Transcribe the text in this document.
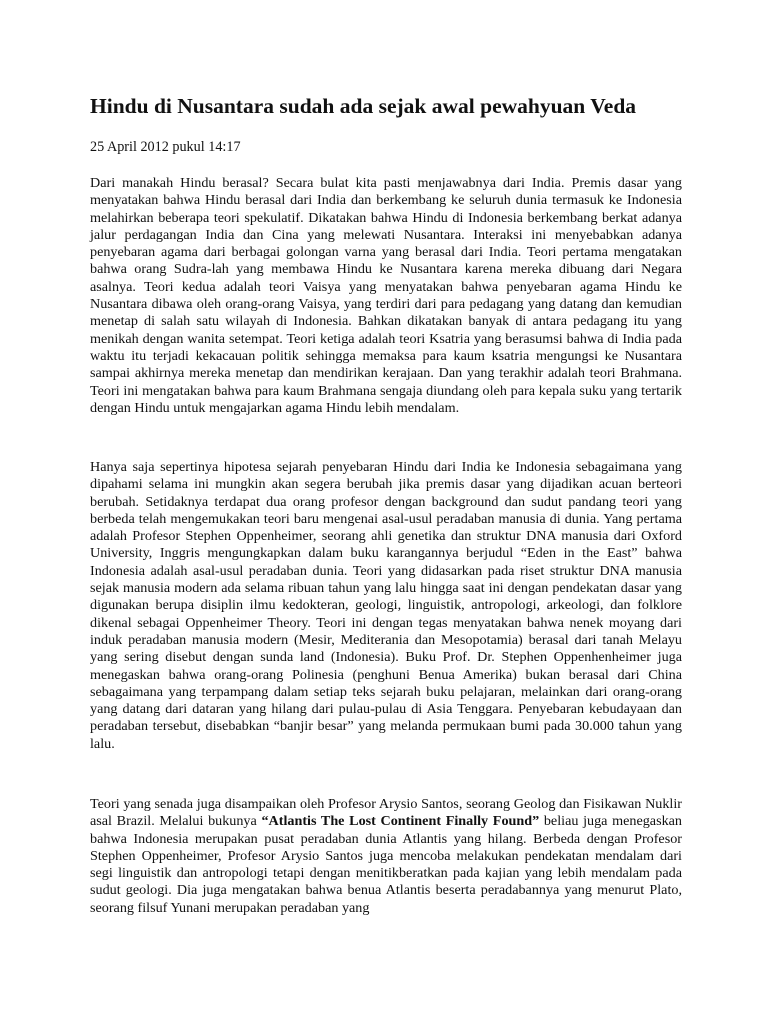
Hindu di Nusantara sudah ada sejak awal pewahyuan Veda

25 April 2012 pukul 14:17

Dari manakah Hindu berasal? Secara bulat kita pasti menjawabnya dari India. Premis dasar yang menyatakan bahwa Hindu berasal dari India dan berkembang ke seluruh dunia termasuk ke Indonesia melahirkan beberapa teori spekulatif. Dikatakan bahwa Hindu di Indonesia berkembang berkat adanya jalur perdagangan India dan Cina yang melewati Nusantara. Interaksi ini menyebabkan adanya penyebaran agama dari berbagai golongan varna yang berasal dari India. Teori pertama mengatakan bahwa orang Sudra-lah yang membawa Hindu ke Nusantara karena mereka dibuang dari Negara asalnya. Teori kedua adalah teori Vaisya yang menyatakan bahwa penyebaran agama Hindu ke Nusantara dibawa oleh orang-orang Vaisya, yang terdiri dari para pedagang yang datang dan kemudian menetap di salah satu wilayah di Indonesia. Bahkan dikatakan banyak di antara pedagang itu yang menikah dengan wanita setempat. Teori ketiga adalah teori Ksatria yang berasumsi bahwa di India pada waktu itu terjadi kekacauan politik sehingga memaksa para kaum ksatria mengungsi ke Nusantara sampai akhirnya mereka menetap dan mendirikan kerajaan. Dan yang terakhir adalah teori Brahmana. Teori ini mengatakan bahwa para kaum Brahmana sengaja diundang oleh para kepala suku yang tertarik dengan Hindu untuk mengajarkan agama Hindu lebih mendalam.

Hanya saja sepertinya hipotesa sejarah penyebaran Hindu dari India ke Indonesia sebagaimana yang dipahami selama ini mungkin akan segera berubah jika premis dasar yang dijadikan acuan berteori berubah. Setidaknya terdapat dua orang profesor dengan background dan sudut pandang teori yang berbeda telah mengemukakan teori baru mengenai asal-usul peradaban manusia di dunia. Yang pertama adalah Profesor Stephen Oppenheimer, seorang ahli genetika dan struktur DNA manusia dari Oxford University, Inggris mengungkapkan dalam buku karangannya berjudul “Eden in the East” bahwa Indonesia adalah asal-usul peradaban dunia. Teori yang didasarkan pada riset struktur DNA manusia sejak manusia modern ada selama ribuan tahun yang lalu hingga saat ini dengan pendekatan dasar yang digunakan berupa disiplin ilmu kedokteran, geologi, linguistik, antropologi, arkeologi, dan folklore dikenal sebagai Oppenheimer Theory. Teori ini dengan tegas menyatakan bahwa nenek moyang dari induk peradaban manusia modern (Mesir, Mediterania dan Mesopotamia) berasal dari tanah Melayu yang sering disebut dengan sunda land (Indonesia). Buku Prof. Dr. Stephen Oppenhenheimer juga menegaskan bahwa orang-orang Polinesia (penghuni Benua Amerika) bukan berasal dari China sebagaimana yang terpampang dalam setiap teks sejarah buku pelajaran, melainkan dari orang-orang yang datang dari dataran yang hilang dari pulau-pulau di Asia Tenggara. Penyebaran kebudayaan dan peradaban tersebut, disebabkan “banjir besar” yang melanda permukaan bumi pada 30.000 tahun yang lalu.

Teori yang senada juga disampaikan oleh Profesor Arysio Santos, seorang Geolog dan Fisikawan Nuklir asal Brazil. Melalui bukunya “Atlantis The Lost Continent Finally Found” beliau juga menegaskan bahwa Indonesia merupakan pusat peradaban dunia Atlantis yang hilang. Berbeda dengan Profesor Stephen Oppenheimer, Profesor Arysio Santos juga mencoba melakukan pendekatan mendalam dari segi linguistik dan antropologi tetapi dengan menitikberatkan pada kajian yang lebih mendalam pada sudut geologi. Dia juga mengatakan bahwa benua Atlantis beserta peradabannya yang menurut Plato, seorang filsuf Yunani merupakan peradaban yang
